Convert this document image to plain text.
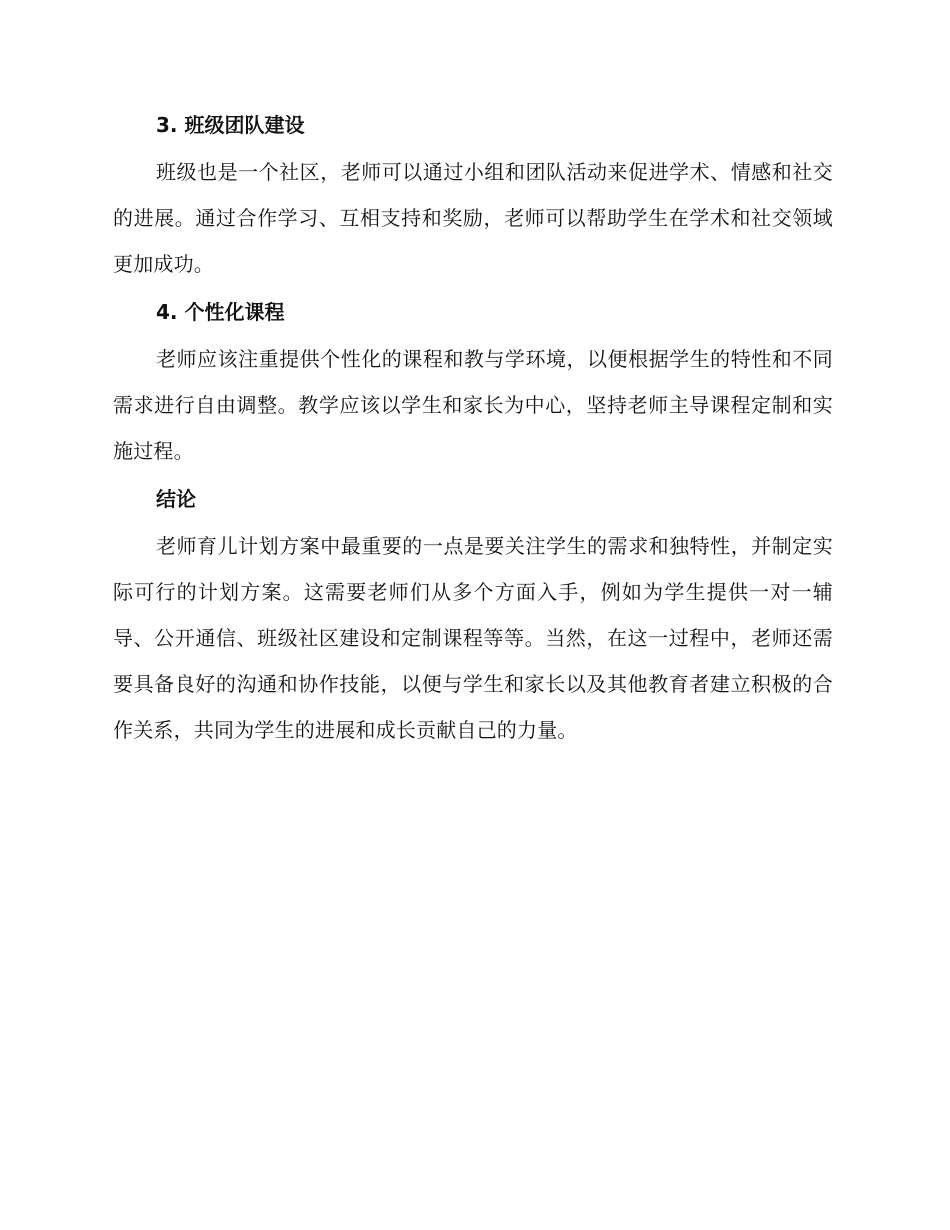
3. 班级团队建设

班级也是一个社区，老师可以通过小组和团队活动来促进学术、情感和社交的进展。通过合作学习、互相支持和奖励，老师可以帮助学生在学术和社交领域更加成功。

4. 个性化课程

老师应该注重提供个性化的课程和教与学环境，以便根据学生的特性和不同需求进行自由调整。教学应该以学生和家长为中心，坚持老师主导课程定制和实施过程。

结论

老师育儿计划方案中最重要的一点是要关注学生的需求和独特性，并制定实际可行的计划方案。这需要老师们从多个方面入手，例如为学生提供一对一辅导、公开通信、班级社区建设和定制课程等等。当然，在这一过程中，老师还需要具备良好的沟通和协作技能，以便与学生和家长以及其他教育者建立积极的合作关系，共同为学生的进展和成长贡献自己的力量。
